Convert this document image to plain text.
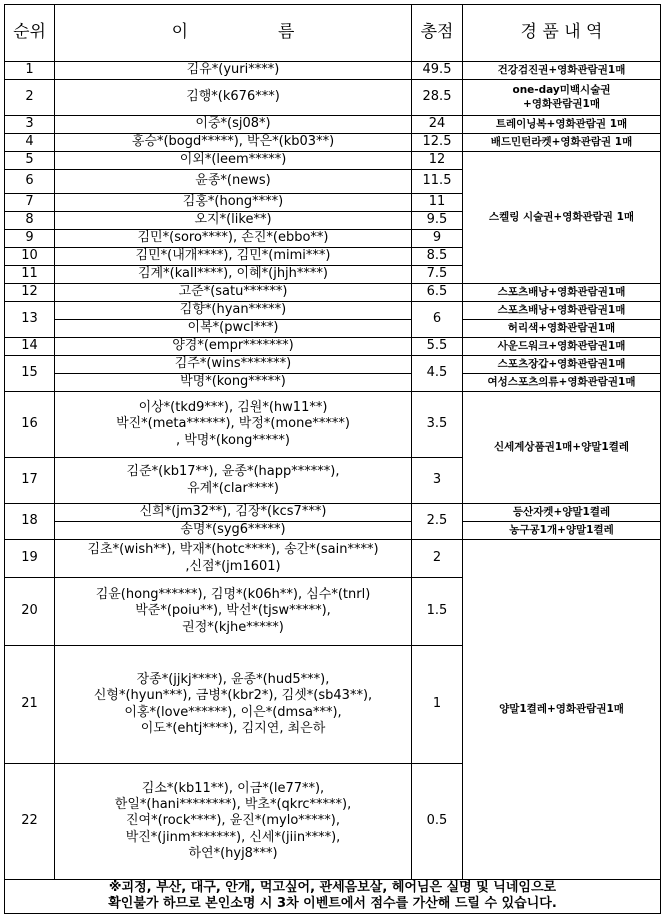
순위	이 름	총점	경 품 내 역
1	김유*(yuri****)	49.5	건강검진권+영화관람권1매

2	김행*(k676***)	28.5	one-day미백시술권
+영화관람권1매

3	이중*(sj08*)	24	트레이닝복+영화관람권 1매

4	홍승*(bogd*****), 박은*(kb03**)	12.5	배드민턴라켓+영화관람권 1매

5	이외*(leem*****)	12	스켈링 시술권+영화관람권 1매

6	윤종*(news)	11.5	
7	김홍*(hong****)	11	
8	오지*(like**)	9.5	
9	김민*(soro****), 손진*(ebbo**)	9	
10	김민*(내개****), 김민*(mimi***)	8.5	
11	김계*(kall****), 이혜*(jhjh****)	7.5	
12	고준*(satu******)	6.5	스포츠배낭+영화관람권1매

13	김향*(hyan*****)	6	스포츠배낭+영화관람권1매

	이복*(pwcl***)		허리색+영화관람권1매

14	양경*(empr*******)	5.5	사운드워크+영화관람권1매

15	김주*(wins*******)	4.5	스포츠장갑+영화관람권1매

	박명*(kong*****)		여성스포츠의류+영화관람권1매

16	이상*(tkd9***), 김원*(hw11**)
박진*(meta******), 박정*(mone*****)
, 박명*(kong*****)	3.5	신세계상품권1매+양말1켤레

17	김준*(kb17**), 윤종*(happ******),
유계*(clar****)	3	
18	신희*(jm32**), 김장*(kcs7***)	2.5	등산자켓+양말1켤레

	송명*(syg6*****)		농구공1개+양말1켤레

19	김초*(wish**), 박재*(hotc****), 송간*(sain****)
,신점*(jm1601)	2	양말1켤레+영화관람권1매

20	김윤(hong******), 김명*(k06h**), 심수*(tnrl)
박준*(poiu**), 박선*(tjsw*****),
권정*(kjhe*****)	1.5	
21	장종*(jjkj****), 윤종*(hud5***),
신형*(hyun***), 금병*(kbr2*), 김셋*(sb43**),
이홍*(love******), 이은*(dmsa***),
이도*(ehtj****), 김지연, 최은하	1	
22	김소*(kb11**), 이금*(le77**),
한일*(hani********), 박초*(qkrc*****),
진여*(rock****), 윤진*(mylo*****),
박진*(jinm*******), 신세*(jiin****),
하연*(hyj8***)	0.5	

※괴정, 부산, 대구, 안개, 먹고싶어, 관세음보살, 헤어님은 실명 및 닉네임으로
확인불가 하므로 본인소명 시 3차 이벤트에서 점수를 가산해 드릴 수 있습니다.			
